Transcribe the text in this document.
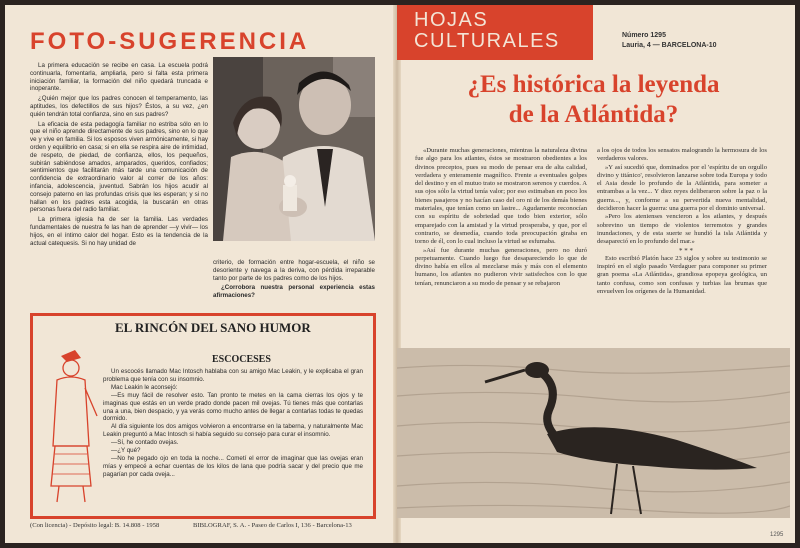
FOTO-SUGERENCIA

La primera educación se recibe en casa. La escuela podrá continuarla, fomentarla, ampliarla, pero si falta esta primera iniciación familiar, la formación del niño quedará truncada e inoperante.

¿Quién mejor que los padres conocen el temperamento, las aptitudes, los defectillos de sus hijos? Éstos, a su vez, ¿en quién tendrán total confianza, sino en sus padres?

La eficacia de esta pedagogía familiar no estriba sólo en lo que el niño aprende directamente de sus padres, sino en lo que ve y vive en familia. Si los esposos viven armónicamente, si hay orden y equilibrio en casa; si en ella se respira aire de intimidad, de respeto, de piedad, de confianza, ellos, los pequeños, subirán sabiéndose amados, amparados, queridos, confiados; sentimientos que facilitarán más tarde una comunicación de confidencia de extraordinario valor al correr de los años: infancia, adolescencia, juventud. Sabrán los hijos acudir al consejo paterno en las profundas crisis que les esperan; y si no hallan en los padres esta acogida, la buscarán en otras personas fuera del radio familiar.

La primera iglesia ha de ser la familia. Las verdades fundamentales de nuestra fe las han de aprender —y vivir— los hijos, en el íntimo calor del hogar. Esto es la tendencia de la actual catequesis. Si no hay unidad de

criterio, de formación entre hogar-escuela, el niño se desoriente y navega a la deriva, con pérdida irreparable tanto por parte de los padres como de los hijos.

¿Corrobora nuestra personal experiencia estas afirmaciones?

EL RINCÓN DEL SANO HUMOR
ESCOCESES

Un escocés llamado Mac Intosch hablaba con su amigo Mac Leakin, y le explicaba el gran problema que tenía con su insomnio.

Mac Leakin le aconsejó:

—Es muy fácil de resolver esto. Tan pronto te metes en la cama cierras los ojos y te imaginas que estás en un verde prado donde pacen mil ovejas. Tú tienes más que contarlas una a una, bien despacio, y ya verás como mucho antes de llegar a contarlas todas te quedas dormido.

Al día siguiente los dos amigos volvieron a encontrarse en la taberna, y naturalmente Mac Leakin preguntó a Mac Intosch si había seguido su consejo para curar el insomnio.

—Sí, he contado ovejas.

—¿Y qué?

—No he pegado ojo en toda la noche... Cometí el error de imaginar que las ovejas eran mías y empecé a echar cuentas de los kilos de lana que podría sacar y del precio que me pagarían por cada oveja...

(Con licencia) - Depósito legal: B. 14.808 - 1958	BIBLOGRAF, S. A. - Paseo de Carlos I, 136 - Barcelona-13
HOJAS
CULTURALES	Número 1295
Lauria, 4 — BARCELONA-10
¿Es histórica la leyenda
de la Atlántida?

«Durante muchas generaciones, mientras la naturaleza divina fue algo para los atlantes, éstos se mostraron obedientes a los divinos preceptos, pues su modo de pensar era de alta calidad, verdadera y enteramente magnífico. Frente a eventuales golpes del destino y en el mutuo trato se mostraron serenos y cuerdos. A sus ojos sólo la virtud tenía valor; por eso estimaban en poco los bienes pasajeros y no hacían caso del oro ni de los demás bienes materiales, que tenían como un lastre... Agudamente reconocían con su espíritu de sobriedad que todo bien exterior, sólo emparejado con la amistad y la virtud prosperaba, y que, por el contrario, se desmedía, cuando toda preocupación giraba en torno de él, con lo cual incluso la virtud se esfumaba.

»Así fue durante muchas generaciones, pero no duró perpetuamente. Cuando luego fue desapareciendo lo que de divino había en ellos al mezclarse más y más con el elemento humano, los atlantes no pudieron vivir satisfechos con lo que tenían, renunciaron a su modo de pensar y se rebajaron

a los ojos de todos los sensatos malogrando la hermosura de los verdaderos valores.

»Y así sucedió que, dominados por el 'espíritu de un orgullo divino y titánico', resolvieron lanzarse sobre toda Europa y todo el Asia desde lo profundo de la Atlántida, para someter a entrambas a la vez... Y diez reyes deliberaron sobre la paz o la guerra..., y, conforme a su pervertida nueva mentalidad, decidieron hacer la guerra: una guerra por el dominio universal.

»Pero los atenienses vencieron a los atlantes, y después sobrevino un tiempo de violentos terremotos y grandes inundaciones, y de esta suerte se hundió la isla Atlántida y desapareció en lo profundo del mar.»

* * *

Esto escribió Platón hace 23 siglos y sobre su testimonio se inspiró en el siglo pasado Verdaguer para componer su primer gran poema «La Atlántida», grandiosa epopeya geológica, un tanto confusa, como son confusas y turbias las brumas que envuelven los orígenes de la Humanidad.

1295
